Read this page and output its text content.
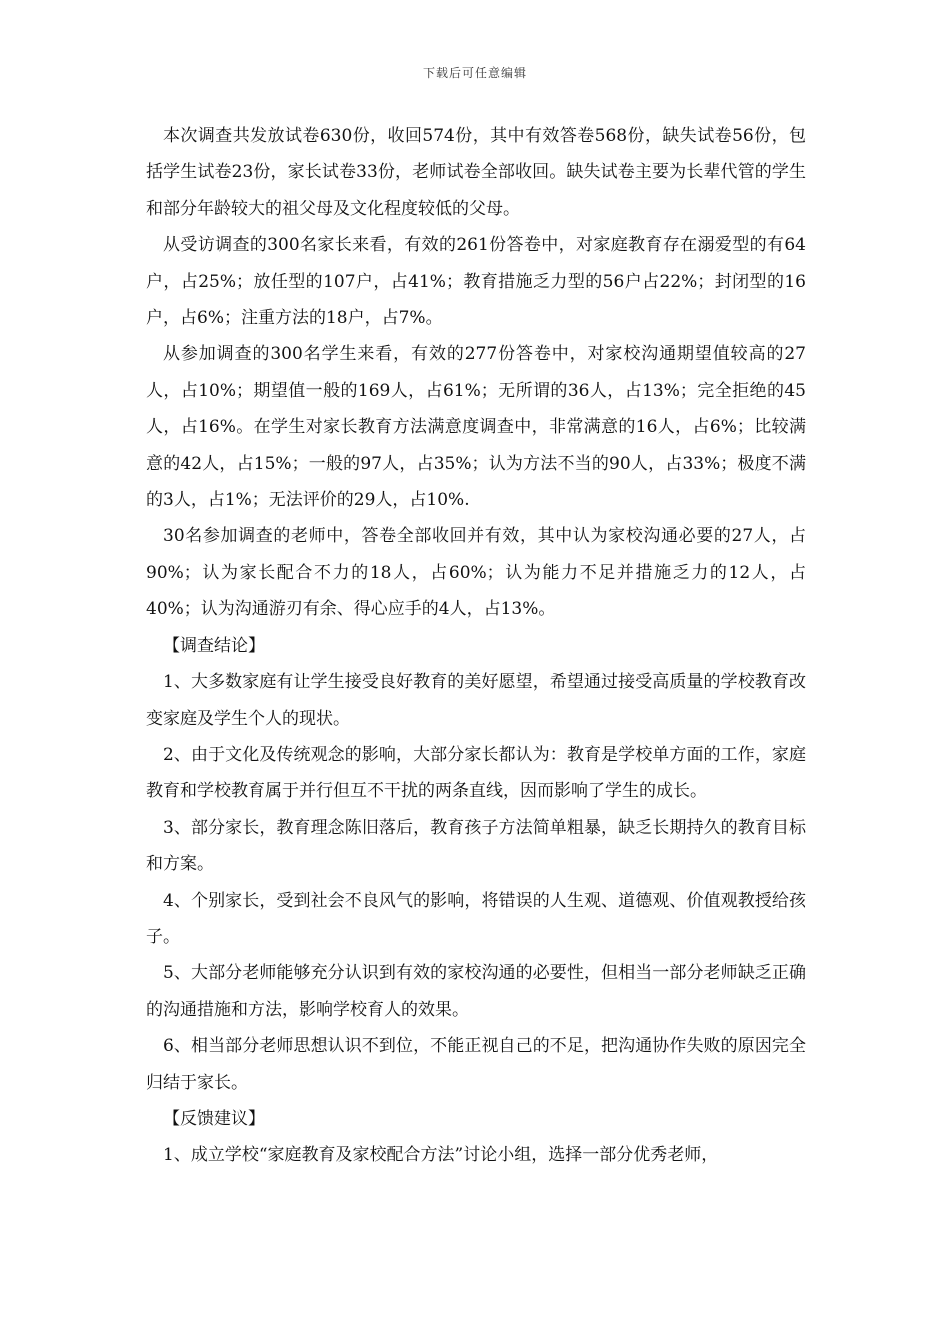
下载后可任意编辑

本次调查共发放试卷630份，收回574份，其中有效答卷568份，缺失试卷56份，包括学生试卷23份，家长试卷33份，老师试卷全部收回。缺失试卷主要为长辈代管的学生和部分年龄较大的祖父母及文化程度较低的父母。

从受访调查的300名家长来看，有效的261份答卷中，对家庭教育存在溺爱型的有64户，占25%；放任型的107户，占41%；教育措施乏力型的56户占22%；封闭型的16户，占6%；注重方法的18户，占7%。

从参加调查的300名学生来看，有效的277份答卷中，对家校沟通期望值较高的27人，占10%；期望值一般的169人，占61%；无所谓的36人，占13%；完全拒绝的45人，占16%。在学生对家长教育方法满意度调查中，非常满意的16人，占6%；比较满意的42人，占15%；一般的97人，占35%；认为方法不当的90人，占33%；极度不满的3人，占1%；无法评价的29人，占10%.

30名参加调查的老师中，答卷全部收回并有效，其中认为家校沟通必要的27人，占90%；认为家长配合不力的18人，占60%；认为能力不足并措施乏力的12人，占40%；认为沟通游刃有余、得心应手的4人，占13%。

【调查结论】

1、大多数家庭有让学生接受良好教育的美好愿望，希望通过接受高质量的学校教育改变家庭及学生个人的现状。

2、由于文化及传统观念的影响，大部分家长都认为：教育是学校单方面的工作，家庭教育和学校教育属于并行但互不干扰的两条直线，因而影响了学生的成长。

3、部分家长，教育理念陈旧落后，教育孩子方法简单粗暴，缺乏长期持久的教育目标和方案。

4、个别家长，受到社会不良风气的影响，将错误的人生观、道德观、价值观教授给孩子。

5、大部分老师能够充分认识到有效的家校沟通的必要性，但相当一部分老师缺乏正确的沟通措施和方法，影响学校育人的效果。

6、相当部分老师思想认识不到位，不能正视自己的不足，把沟通协作失败的原因完全归结于家长。

【反馈建议】

1、成立学校“家庭教育及家校配合方法”讨论小组，选择一部分优秀老师，
